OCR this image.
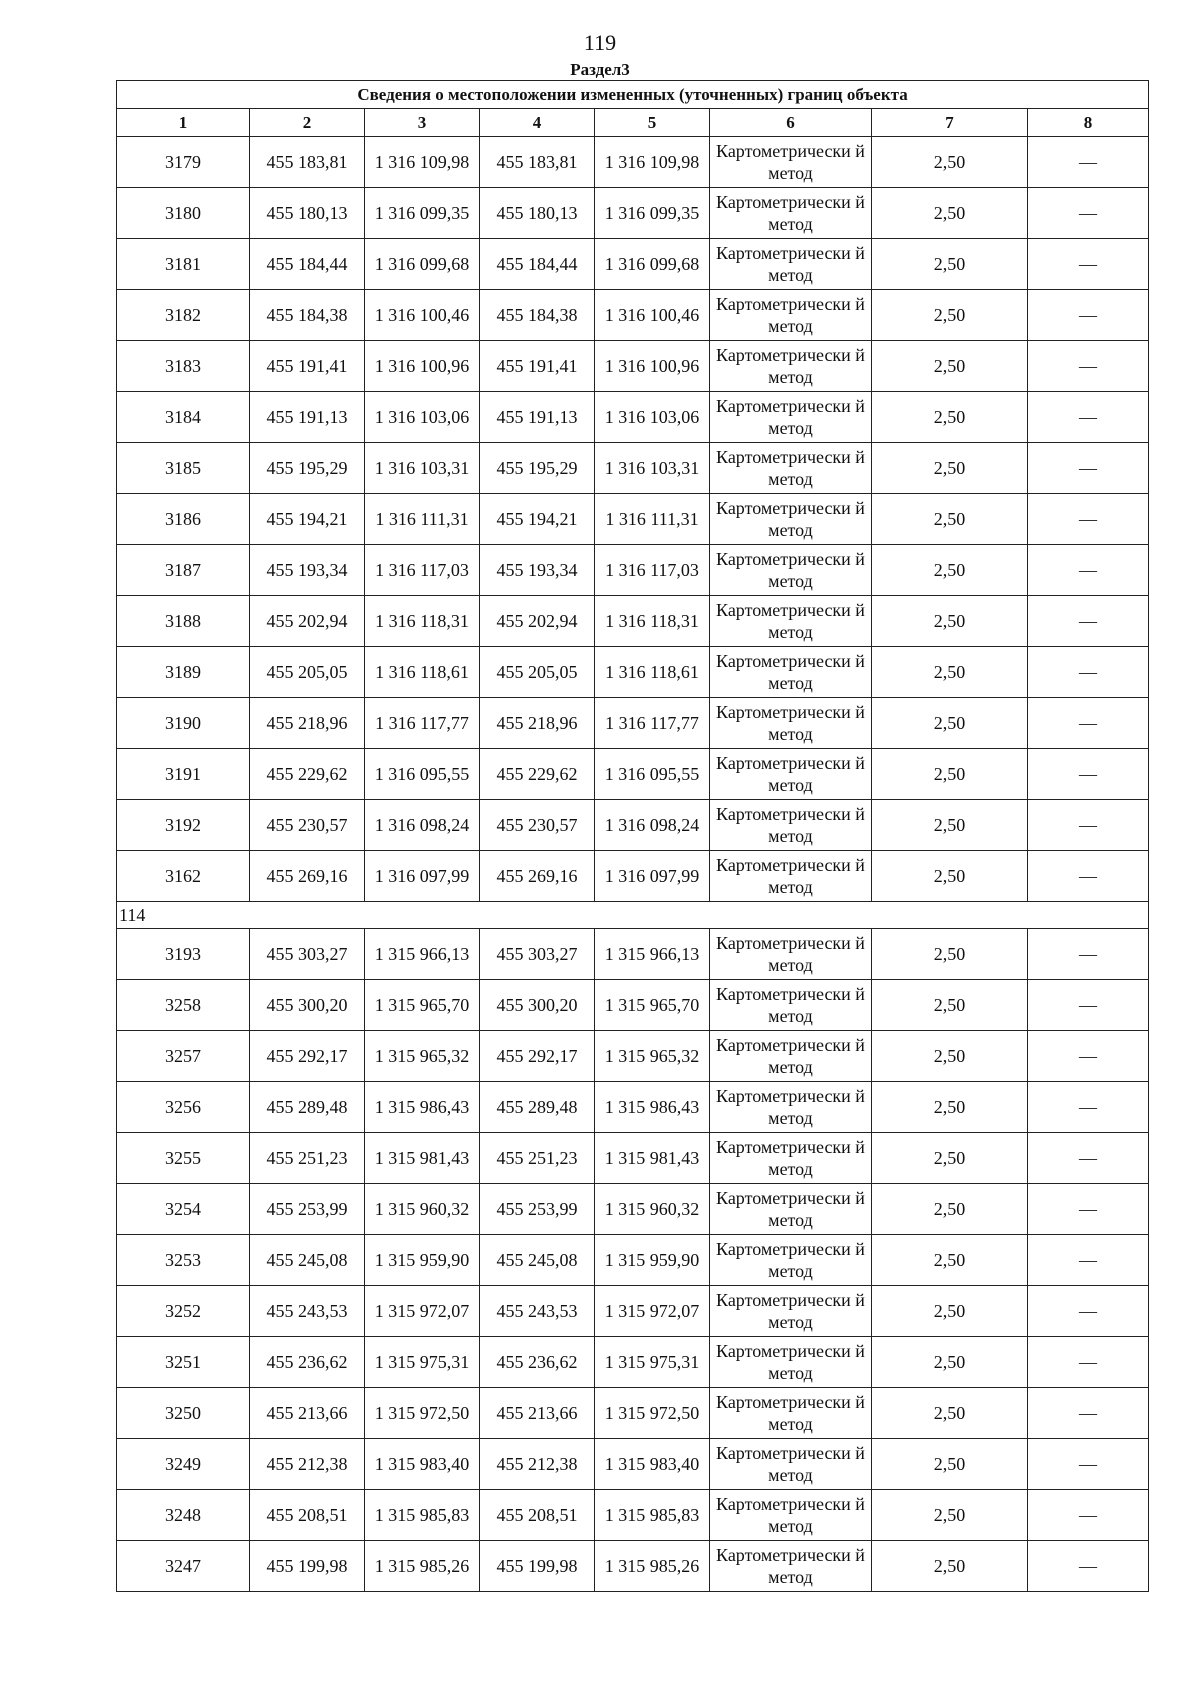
119
Раздел3
Сведения о местоположении измененных (уточненных) границ объекта							
1	2	3	4	5	6	7	8
3179	455 183,81	1 316 109,98	455 183,81	1 316 109,98	Картометрически й метод	2,50	—
3180	455 180,13	1 316 099,35	455 180,13	1 316 099,35	Картометрически й метод	2,50	—
3181	455 184,44	1 316 099,68	455 184,44	1 316 099,68	Картометрически й метод	2,50	—
3182	455 184,38	1 316 100,46	455 184,38	1 316 100,46	Картометрически й метод	2,50	—
3183	455 191,41	1 316 100,96	455 191,41	1 316 100,96	Картометрически й метод	2,50	—
3184	455 191,13	1 316 103,06	455 191,13	1 316 103,06	Картометрически й метод	2,50	—
3185	455 195,29	1 316 103,31	455 195,29	1 316 103,31	Картометрически й метод	2,50	—
3186	455 194,21	1 316 111,31	455 194,21	1 316 111,31	Картометрически й метод	2,50	—
3187	455 193,34	1 316 117,03	455 193,34	1 316 117,03	Картометрически й метод	2,50	—
3188	455 202,94	1 316 118,31	455 202,94	1 316 118,31	Картометрически й метод	2,50	—
3189	455 205,05	1 316 118,61	455 205,05	1 316 118,61	Картометрически й метод	2,50	—
3190	455 218,96	1 316 117,77	455 218,96	1 316 117,77	Картометрически й метод	2,50	—
3191	455 229,62	1 316 095,55	455 229,62	1 316 095,55	Картометрически й метод	2,50	—
3192	455 230,57	1 316 098,24	455 230,57	1 316 098,24	Картометрически й метод	2,50	—
3162	455 269,16	1 316 097,99	455 269,16	1 316 097,99	Картометрически й метод	2,50	—
114							
3193	455 303,27	1 315 966,13	455 303,27	1 315 966,13	Картометрически й метод	2,50	—
3258	455 300,20	1 315 965,70	455 300,20	1 315 965,70	Картометрически й метод	2,50	—
3257	455 292,17	1 315 965,32	455 292,17	1 315 965,32	Картометрически й метод	2,50	—
3256	455 289,48	1 315 986,43	455 289,48	1 315 986,43	Картометрически й метод	2,50	—
3255	455 251,23	1 315 981,43	455 251,23	1 315 981,43	Картометрически й метод	2,50	—
3254	455 253,99	1 315 960,32	455 253,99	1 315 960,32	Картометрически й метод	2,50	—
3253	455 245,08	1 315 959,90	455 245,08	1 315 959,90	Картометрически й метод	2,50	—
3252	455 243,53	1 315 972,07	455 243,53	1 315 972,07	Картометрически й метод	2,50	—
3251	455 236,62	1 315 975,31	455 236,62	1 315 975,31	Картометрически й метод	2,50	—
3250	455 213,66	1 315 972,50	455 213,66	1 315 972,50	Картометрически й метод	2,50	—
3249	455 212,38	1 315 983,40	455 212,38	1 315 983,40	Картометрически й метод	2,50	—
3248	455 208,51	1 315 985,83	455 208,51	1 315 985,83	Картометрически й метод	2,50	—
3247	455 199,98	1 315 985,26	455 199,98	1 315 985,26	Картометрически й метод	2,50	—
